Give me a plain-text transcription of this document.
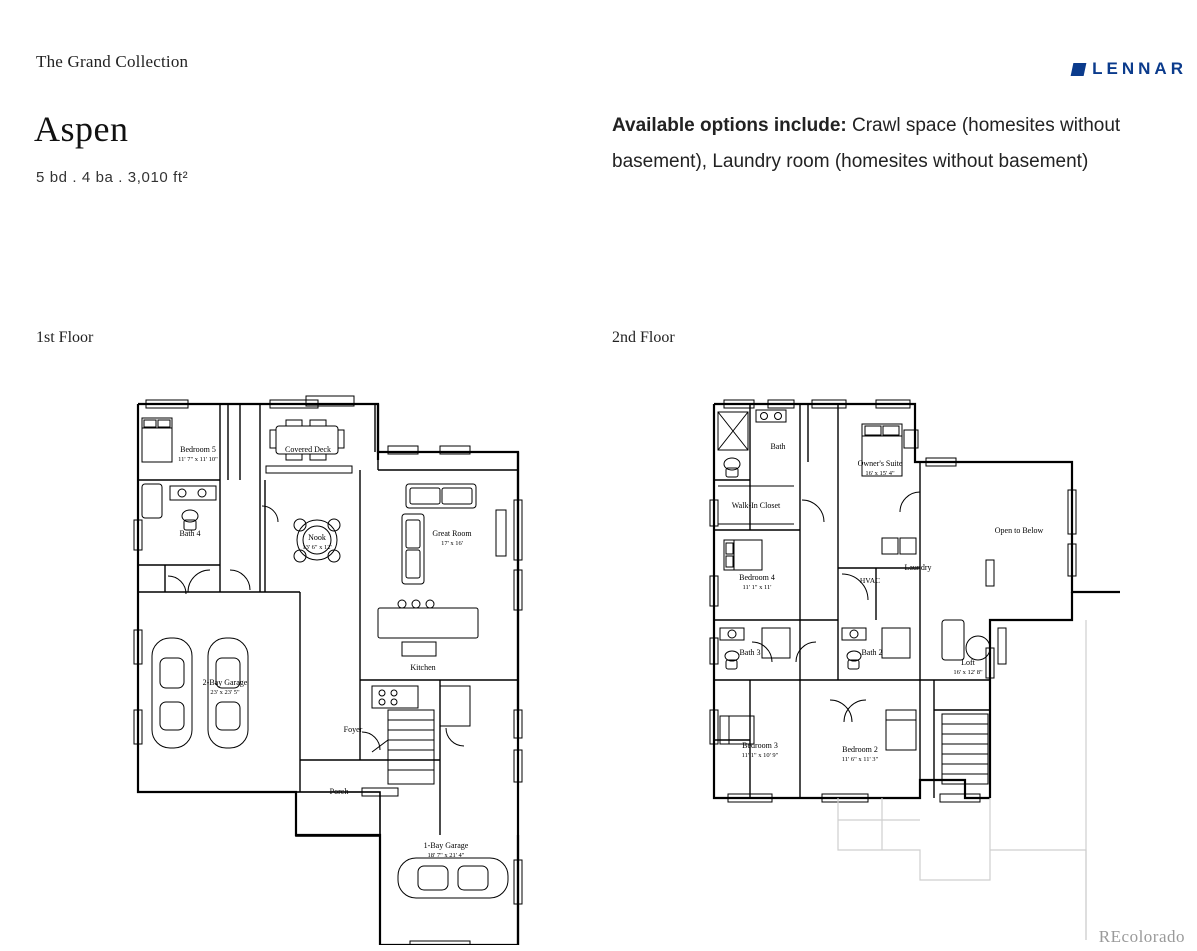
The Grand Collection
Aspen
5 bd . 4 ba . 3,010 ft²
LENNAR
Available options include: Crawl space (homesites without basement), Laundry room (homesites without basement)
1st Floor	2nd Floor
Bedroom 5
11' 7" x 11' 10"
Covered Deck
Bath 4	Nook
13' 6" x 12'
Great Room
17' x 16'
Kitchen
2-Bay Garage
23' x 23' 5"
Foyer
Porch
1-Bay Garage
18' 7" x 21' 4"
Bath
Owner's Suite
16' x 15' 4"
Walk-In Closet
Open to Below
Bedroom 4
11' 1" x 11'
HVAC
Laundry
Bath 3	Bath 2
Loft
16' x 12' 8"
Bedroom 3
11' 1" x 10' 9"
Bedroom 2
11' 6" x 11' 3"
REcolorado
